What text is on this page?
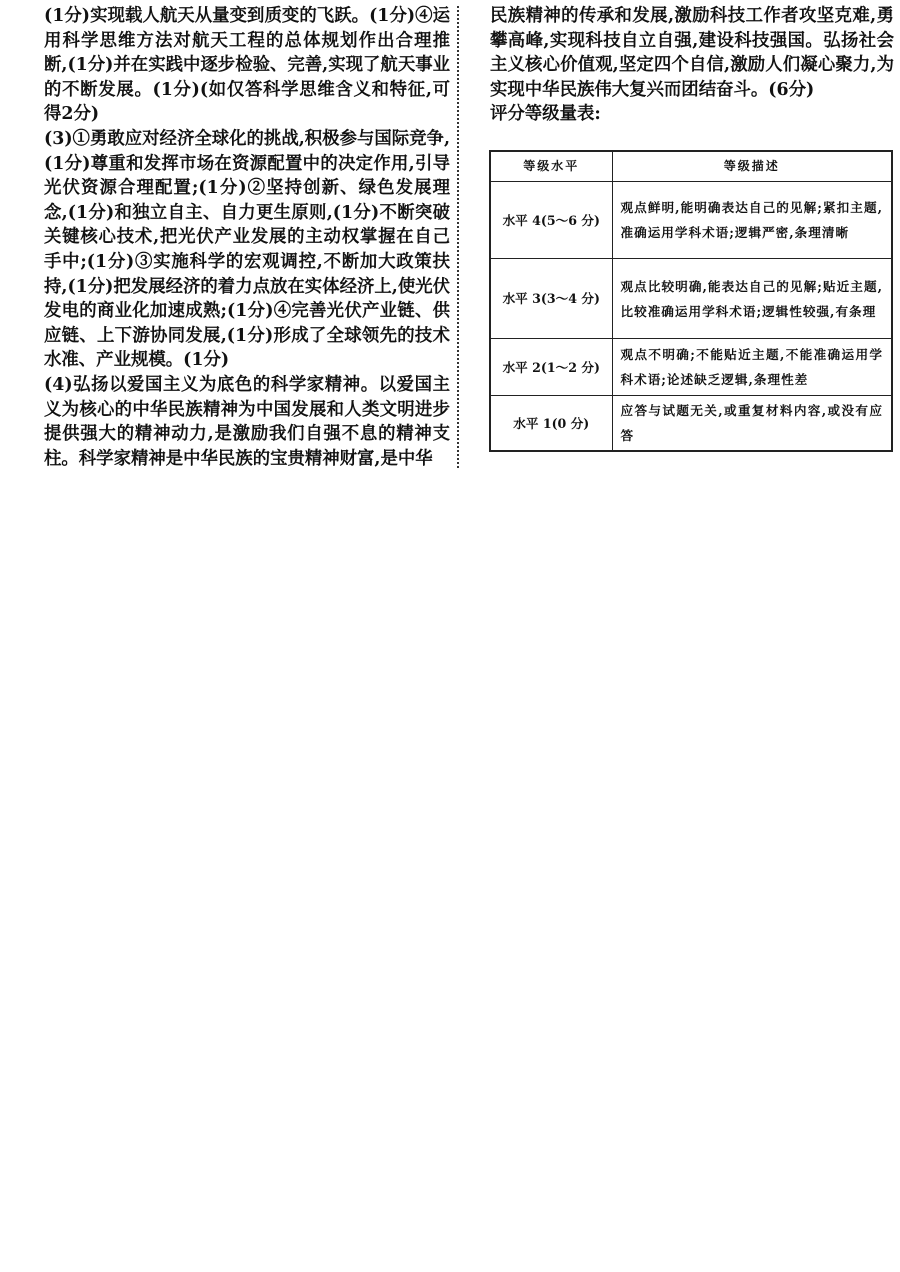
(1分)实现载人航天从量变到质变的飞跃。(1分)④运用科学思维方法对航天工程的总体规划作出合理推断,(1分)并在实践中逐步检验、完善,实现了航天事业的不断发展。(1分)(如仅答科学思维含义和特征,可得2分)

(3)①勇敢应对经济全球化的挑战,积极参与国际竞争,(1分)尊重和发挥市场在资源配置中的决定作用,引导光伏资源合理配置;(1分)②坚持创新、绿色发展理念,(1分)和独立自主、自力更生原则,(1分)不断突破关键核心技术,把光伏产业发展的主动权掌握在自己手中;(1分)③实施科学的宏观调控,不断加大政策扶持,(1分)把发展经济的着力点放在实体经济上,使光伏发电的商业化加速成熟;(1分)④完善光伏产业链、供应链、上下游协同发展,(1分)形成了全球领先的技术水准、产业规模。(1分)

(4)弘扬以爱国主义为底色的科学家精神。以爱国主义为核心的中华民族精神为中国发展和人类文明进步提供强大的精神动力,是激励我们自强不息的精神支柱。科学家精神是中华民族的宝贵精神财富,是中华

民族精神的传承和发展,激励科技工作者攻坚克难,勇攀高峰,实现科技自立自强,建设科技强国。弘扬社会主义核心价值观,坚定四个自信,激励人们凝心聚力,为实现中华民族伟大复兴而团结奋斗。(6分)

评分等级量表:

等级水平	等级描述
水平 4(5～6 分)	观点鲜明,能明确表达自己的见解;紧扣主题,准确运用学科术语;逻辑严密,条理清晰
水平 3(3～4 分)	观点比较明确,能表达自己的见解;贴近主题,比较准确运用学科术语;逻辑性较强,有条理
水平 2(1～2 分)	观点不明确;不能贴近主题,不能准确运用学科术语;论述缺乏逻辑,条理性差
水平 1(0 分)	应答与试题无关,或重复材料内容,或没有应答
